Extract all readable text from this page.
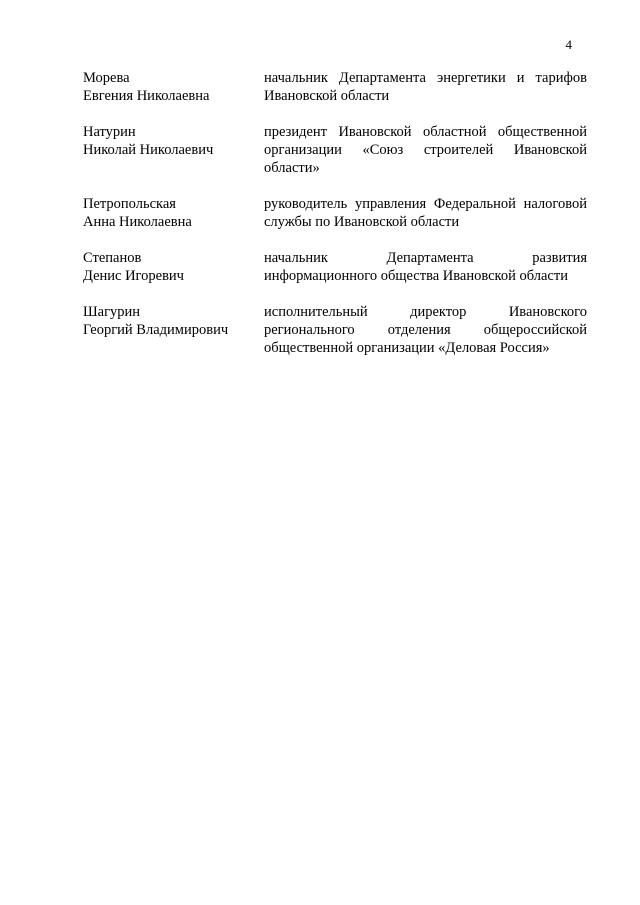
4
Морева
Евгения Николаевна
начальник Департамента энергетики и тарифов Ивановской области
Натурин
Николай Николаевич
президент Ивановской областной общественной организации «Союз строителей Ивановской области»
Петропольская
Анна Николаевна
руководитель управления Федеральной налоговой службы по Ивановской области
Степанов
Денис Игоревич
начальник Департамента развития информационного общества Ивановской области
Шагурин
Георгий Владимирович
исполнительный директор Ивановского регионального отделения общероссийской общественной организации «Деловая Россия»
